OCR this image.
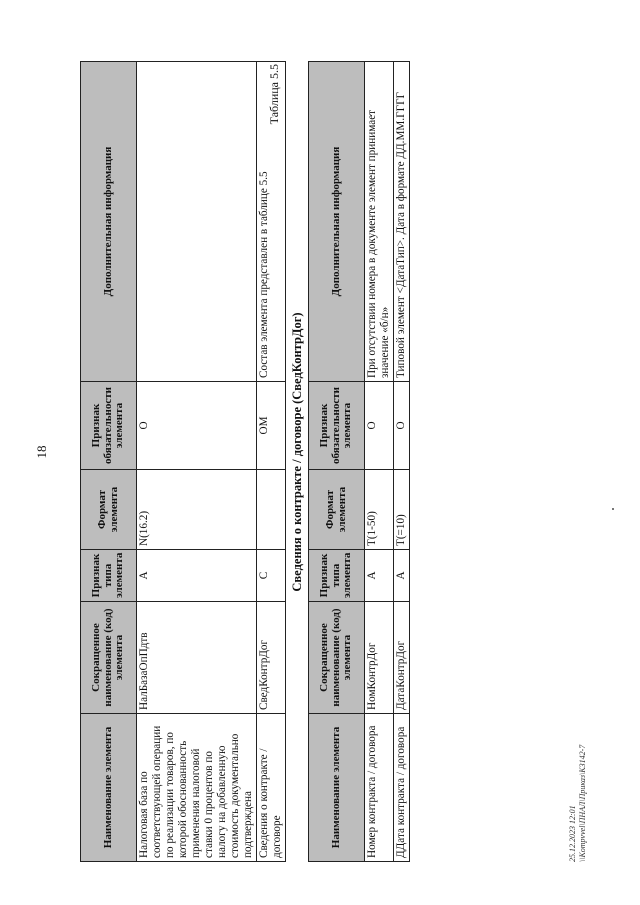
18
Наименование элемента	Сокращенное наименование (код) элемента	Признак типа элемента	Формат элемента	Признак обязательности элемента	Дополнительная информация
Налоговая база по соответствующей операции по реализации товаров, по которой обоснованность применения налоговой ставки 0 процентов по налогу на добавленную стоимость документально подтверждена	НалБазаОпПдтв	А	N(16.2)	О	
Сведения о контракте / договоре	СведКонтрДог	С		ОМ	Состав элемента представлен в таблице 5.5
Таблица 5.5
Сведения о контракте / договоре (СведКонтрДог)
Наименование элемента	Сокращенное наименование (код) элемента	Признак типа элемента	Формат элемента	Признак обязательности элемента	Дополнительная информация
Номер контракта / договора	НомКонтрДог	А	T(1-50)	О	При отсутствии номера в документе элемент принимает значение «б/н»
ДДата контракта / договора	ДатаКонтрДог	А	T(=10)	О	Типовой элемент <ДатаТип>. Дата в формате ДД.ММ.ГГГГ
25.12.2023 12:01 \\Kompvvel\ПНАЛ\Приказ\K3142-7
